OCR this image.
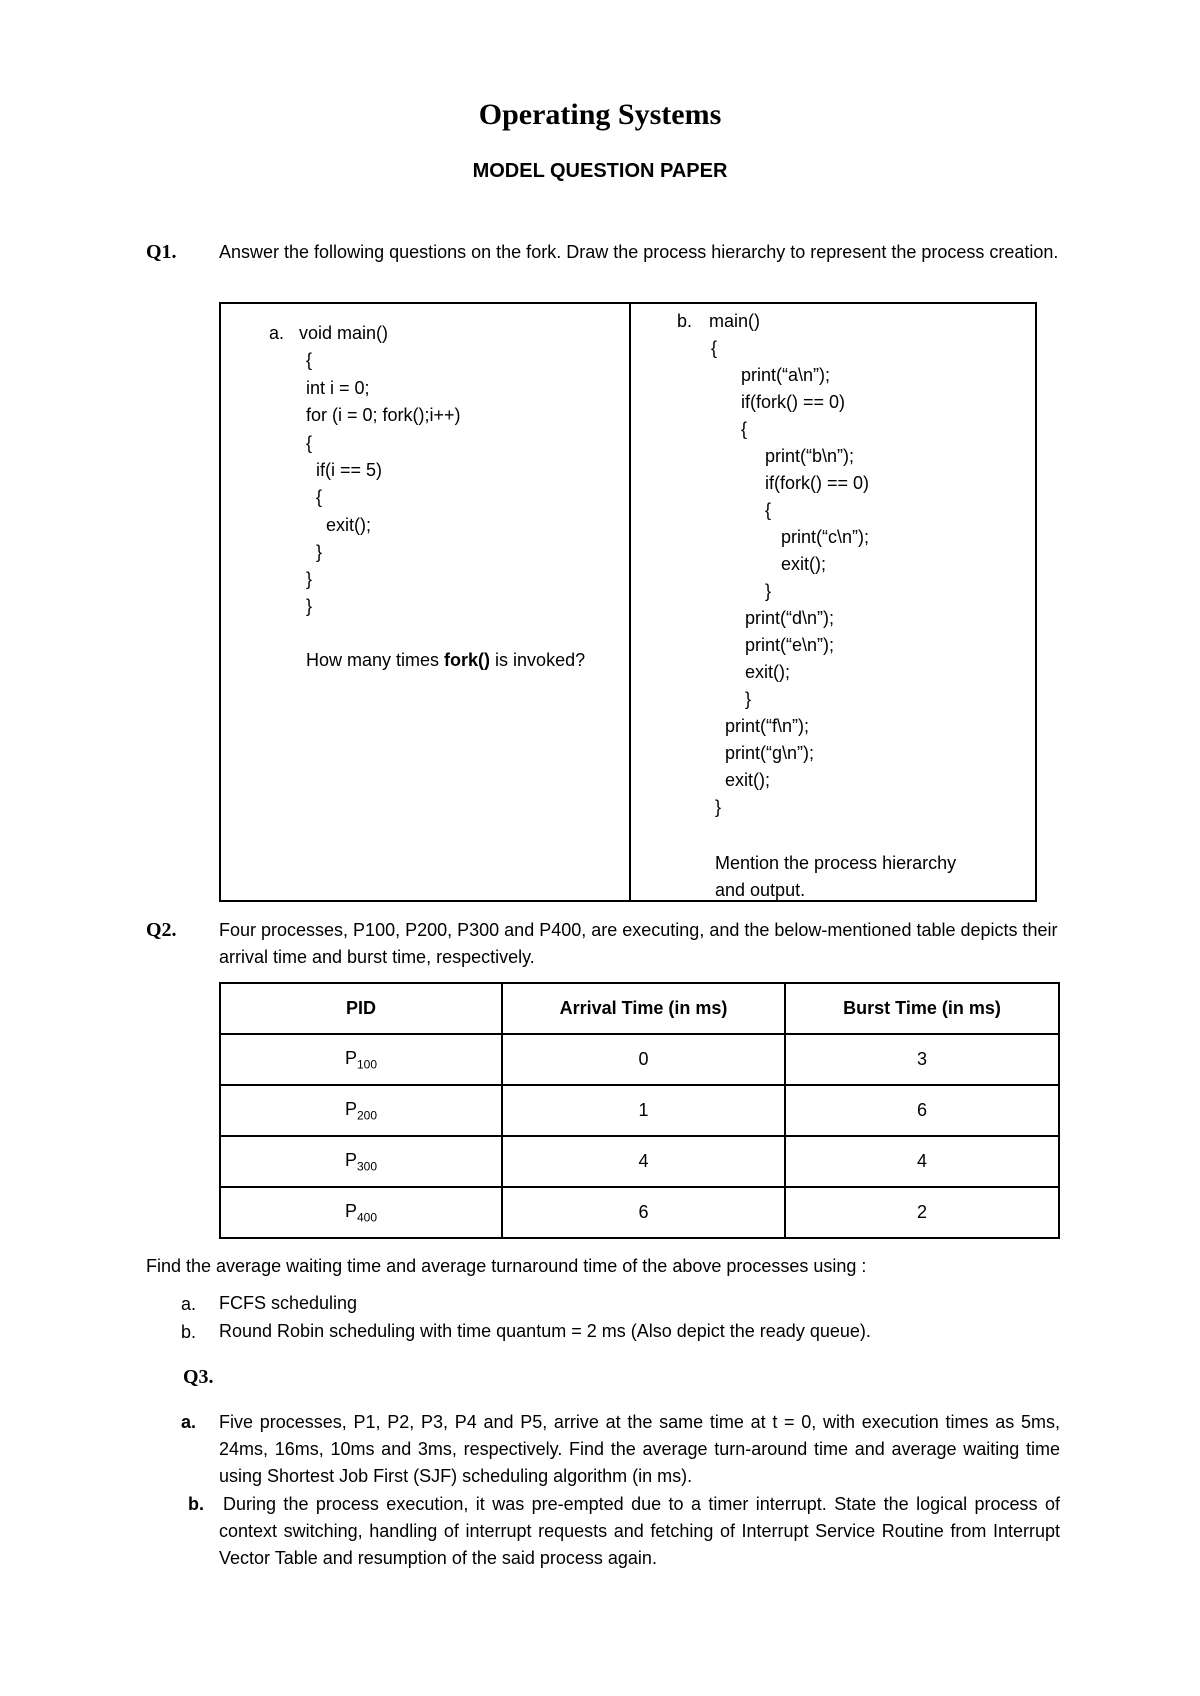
Operating Systems
MODEL QUESTION PAPER
Q1. Answer the following questions on the fork. Draw the process hierarchy to represent the process creation.
a. void main()
{
int i = 0;
for (i = 0; fork();i++)
{
if(i == 5)
{
exit();
}
}
}
How many times fork() is invoked?
b. main()
{
print(“a\n”);
if(fork() == 0)
{
print(“b\n”);
if(fork() == 0)
{
print(“c\n”);
exit();
}
print(“d\n”);
print(“e\n”);
exit();
}
print(“f\n”);
print(“g\n”);
exit();
}
Mention the process hierarchy
and output.
Q2. Four processes, P100, P200, P300 and P400, are executing, and the below-mentioned table depicts their arrival time and burst time, respectively.
PID	Arrival Time (in ms)	Burst Time (in ms)
$P_{100}$	0	3
$P_{200}$	1	6
$P_{300}$	4	4
$P_{400}$	6	2
Find the average waiting time and average turnaround time of the above processes using :
a. FCFS scheduling
b. Round Robin scheduling with time quantum = 2 ms (Also depict the ready queue).
Q3.
a. Five processes, P1, P2, P3, P4 and P5, arrive at the same time at t = 0, with execution times as 5ms, 24ms, 16ms, 10ms and 3ms, respectively. Find the average turn-around time and average waiting time using Shortest Job First (SJF) scheduling algorithm (in ms).
b. During the process execution, it was pre-empted due to a timer interrupt. State the logical process of context switching, handling of interrupt requests and fetching of Interrupt Service Routine from Interrupt Vector Table and resumption of the said process again.
